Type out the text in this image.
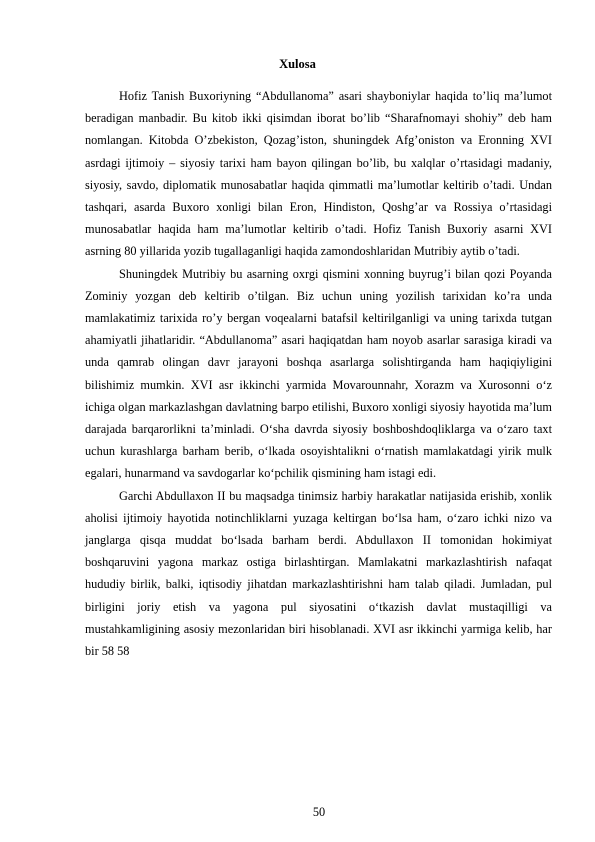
Xulosa

Hofiz Tanish Buxoriyning “Abdullanoma” asari shayboniylar haqida to’liq ma’lumot beradigan manbadir. Bu kitob ikki qisimdan iborat bo’lib “Sharafnomayi shohiy” deb ham nomlangan. Kitobda O’zbekiston, Qozag’iston, shuningdek Afg’oniston va Eronning XVI asrdagi ijtimoiy – siyosiy tarixi ham bayon qilingan bo’lib, bu xalqlar o’rtasidagi madaniy, siyosiy, savdo, diplomatik munosabatlar haqida qimmatli ma’lumotlar keltirib o’tadi. Undan tashqari, asarda Buxoro xonligi bilan Eron, Hindiston, Qoshg’ar va Rossiya o’rtasidagi munosabatlar haqida ham ma’lumotlar keltirib o’tadi. Hofiz Tanish Buxoriy asarni XVI asrning 80 yillarida yozib tugallaganligi haqida zamondoshlaridan Mutribiy aytib o’tadi.

Shuningdek Mutribiy bu asarning oxrgi qismini xonning buyrug’i bilan qozi Poyanda Zominiy yozgan deb keltirib o’tilgan. Biz uchun uning yozilish tarixidan ko’ra unda mamlakatimiz tarixida ro’y bergan voqealarni batafsil keltirilganligi va uning tarixda tutgan ahamiyatli jihatlaridir. “Abdullanoma” asari haqiqatdan ham noyob asarlar sarasiga kiradi va unda qamrab olingan davr jarayoni boshqa asarlarga solishtirganda ham haqiqiyligini bilishimiz mumkin. XVI asr ikkinchi yarmida Movarounnahr, Xorazm va Xurosonni o‘z ichiga olgan markazlashgan davlatning barpo etilishi, Buxoro xonligi siyosiy hayotida ma’lum darajada barqarorlikni ta’minladi. O‘sha davrda siyosiy boshboshdoqliklarga va o‘zaro taxt uchun kurashlarga barham berib, o‘lkada osoyishtalikni o‘rnatish mamlakatdagi yirik mulk egalari, hunarmand va savdogarlar ko‘pchilik qismining ham istagi edi.

Garchi Abdullaxon II bu maqsadga tinimsiz harbiy harakatlar natijasida erishib, xonlik aholisi ijtimoiy hayotida notinchliklarni yuzaga keltirgan bo‘lsa ham, o‘zaro ichki nizo va janglarga qisqa muddat bo‘lsada barham berdi. Abdullaxon II tomonidan hokimiyat boshqaruvini yagona markaz ostiga birlashtirgan. Mamlakatni markazlashtirish nafaqat hududiy birlik, balki, iqtisodiy jihatdan markazlashtirishni ham talab qiladi. Jumladan, pul birligini joriy etish va yagona pul siyosatini o‘tkazish davlat mustaqilligi va mustahkamligining asosiy mezonlaridan biri hisoblanadi. XVI asr ikkinchi yarmiga kelib, har bir 58 58

50
